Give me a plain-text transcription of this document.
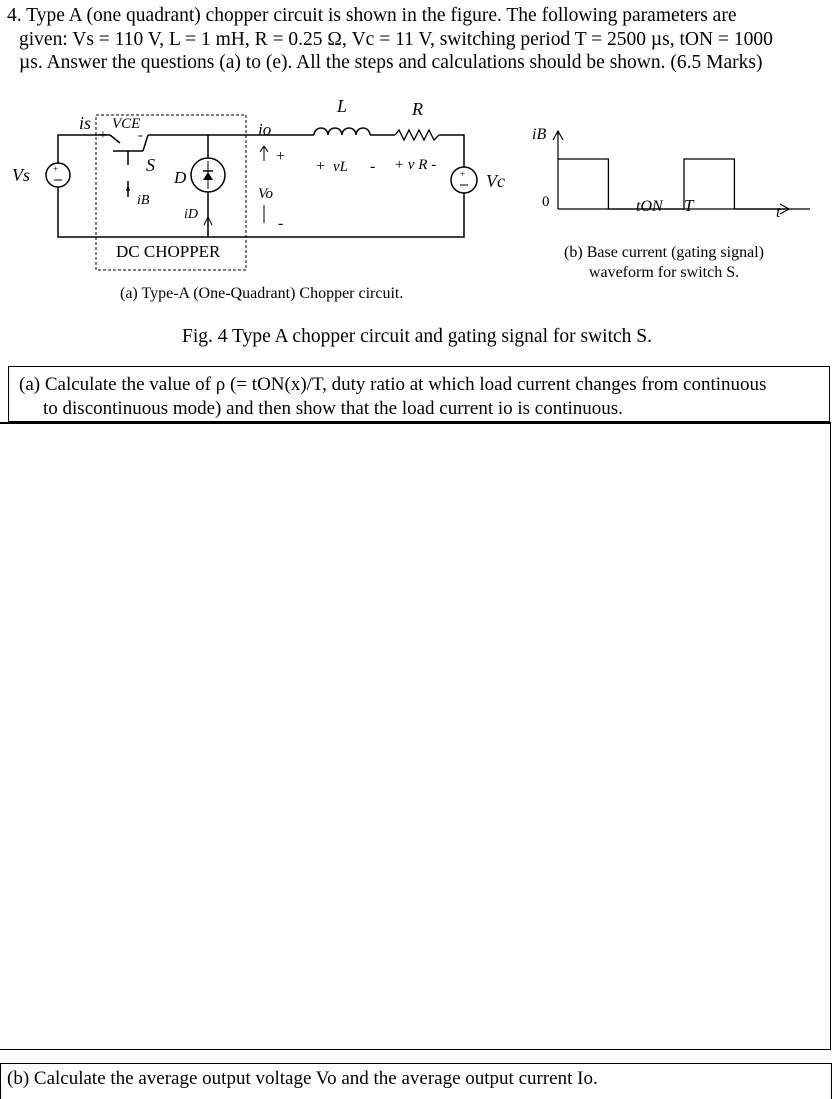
4. Type A (one quadrant) chopper circuit is shown in the figure. The following parameters are
given: Vs = 110 V, L = 1 mH, R = 0.25 Ω, Vc = 11 V, switching period T = 2500 µs, tON = 1000
µs. Answer the questions (a) to (e). All the steps and calculations should be shown. (6.5 Marks)
+
Vs
is
+
VCE
-
S
iB
D
iD
io
+
Vo
-
L
+ vL -
R
+ v R -
+ Vc
DC CHOPPER
(a) Type-A (One-Quadrant) Chopper circuit.
iB
0	tON T	t
(b) Base current (gating signal)
waveform for switch S.
Fig. 4 Type A chopper circuit and gating signal for switch S.
(a) Calculate the value of ρ (= tON(x)/T, duty ratio at which load current changes from continuous
to discontinuous mode) and then show that the load current io is continuous.
(b) Calculate the average output voltage Vo and the average output current Io.
